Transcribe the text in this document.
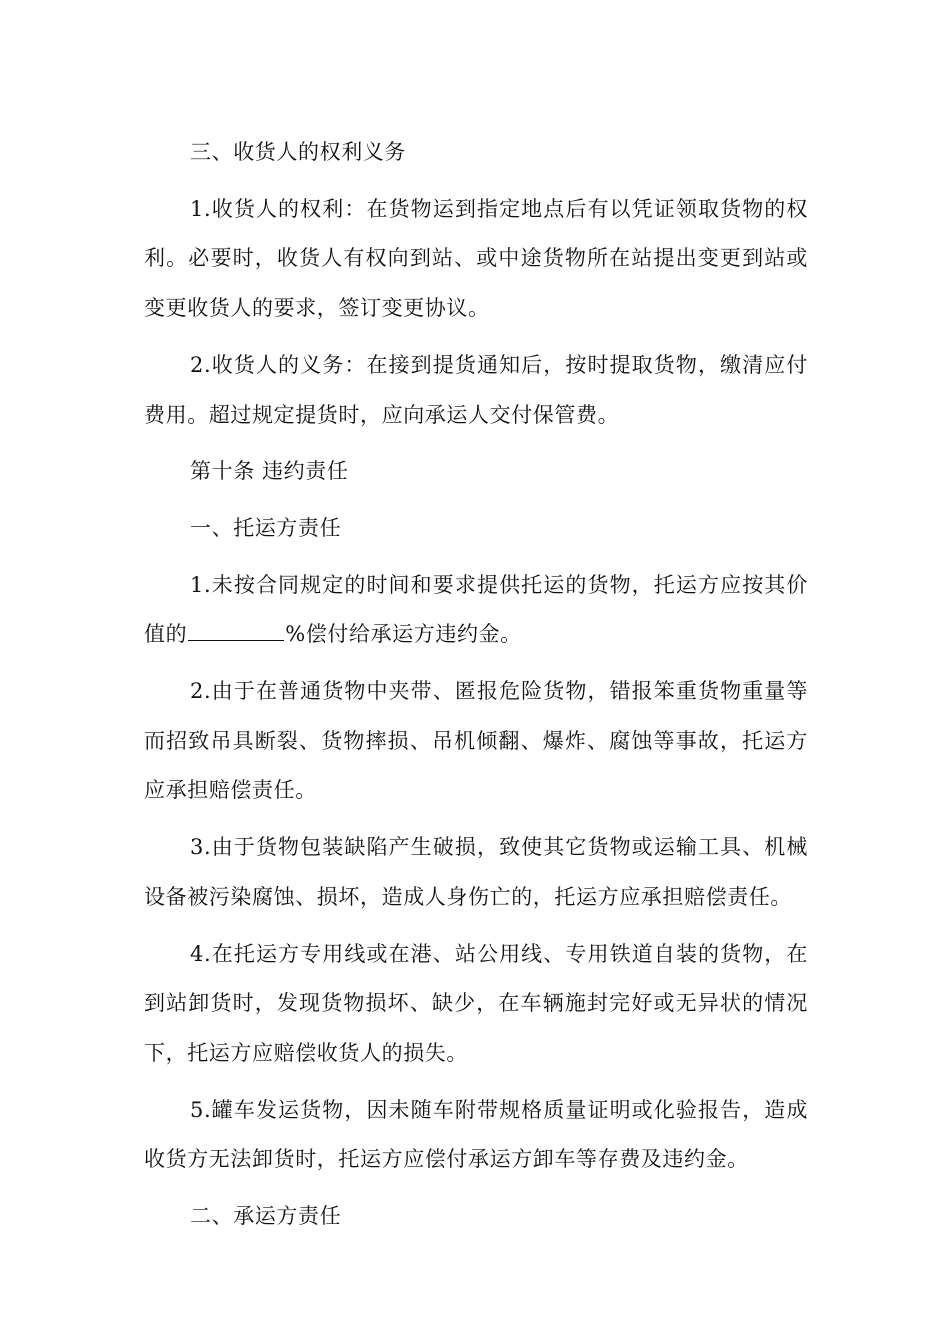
三、收货人的权利义务

1.收货人的权利：在货物运到指定地点后有以凭证领取货物的权利。必要时，收货人有权向到站、或中途货物所在站提出变更到站或变更收货人的要求，签订变更协议。

2.收货人的义务：在接到提货通知后，按时提取货物，缴清应付费用。超过规定提货时，应向承运人交付保管费。

第十条 违约责任

一、托运方责任

1.未按合同规定的时间和要求提供托运的货物，托运方应按其价值的	%偿付给承运方违约金。

2.由于在普通货物中夹带、匿报危险货物，错报笨重货物重量等而招致吊具断裂、货物摔损、吊机倾翻、爆炸、腐蚀等事故，托运方应承担赔偿责任。

3.由于货物包装缺陷产生破损，致使其它货物或运输工具、机械设备被污染腐蚀、损坏，造成人身伤亡的，托运方应承担赔偿责任。

4.在托运方专用线或在港、站公用线、专用铁道自装的货物，在到站卸货时，发现货物损坏、缺少，在车辆施封完好或无异状的情况下，托运方应赔偿收货人的损失。

5.罐车发运货物，因未随车附带规格质量证明或化验报告，造成收货方无法卸货时，托运方应偿付承运方卸车等存费及违约金。

二、承运方责任
